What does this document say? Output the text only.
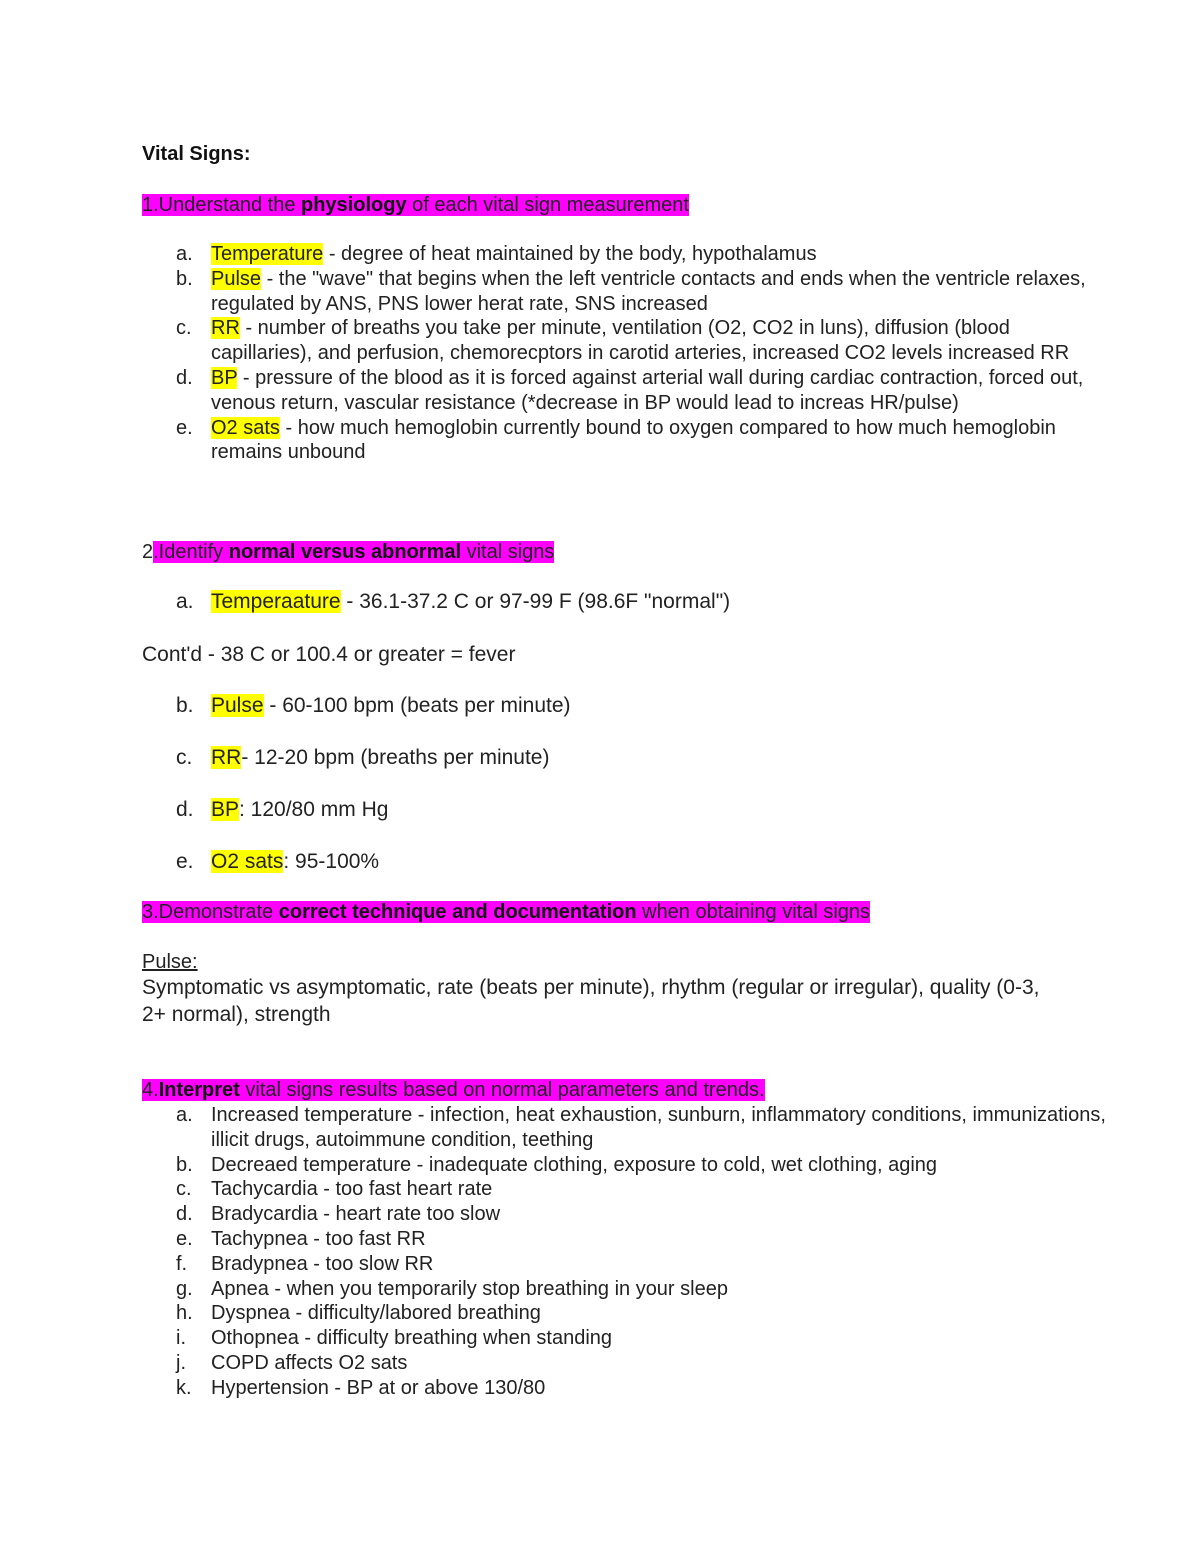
Vital Signs:
1.Understand the physiology of each vital sign measurement
a. Temperature - degree of heat maintained by the body, hypothalamus
b. Pulse - the "wave" that begins when the left ventricle contacts and ends when the ventricle relaxes, regulated by ANS, PNS lower herat rate, SNS increased
c. RR - number of breaths you take per minute, ventilation (O2, CO2 in luns), diffusion (blood capillaries), and perfusion, chemorecptors in carotid arteries, increased CO2 levels increased RR
d. BP - pressure of the blood as it is forced against arterial wall during cardiac contraction, forced out, venous return, vascular resistance (*decrease in BP would lead to increas HR/pulse)
e. O2 sats - how much hemoglobin currently bound to oxygen compared to how much hemoglobin remains unbound
2.Identify normal versus abnormal vital signs
a. Temperaature - 36.1-37.2 C or 97-99 F (98.6F "normal")
Cont'd - 38 C or 100.4 or greater = fever
b. Pulse - 60-100 bpm (beats per minute)
c. RR- 12-20 bpm (breaths per minute)
d. BP: 120/80 mm Hg
e. O2 sats: 95-100%
3.Demonstrate correct technique and documentation when obtaining vital signs
Pulse:
Symptomatic vs asymptomatic, rate (beats per minute), rhythm (regular or irregular), quality (0-3, 2+ normal), strength
4.Interpret vital signs results based on normal parameters and trends.
a. Increased temperature - infection, heat exhaustion, sunburn, inflammatory conditions, immunizations, illicit drugs, autoimmune condition, teething
b. Decreaed temperature - inadequate clothing, exposure to cold, wet clothing, aging
c. Tachycardia - too fast heart rate
d. Bradycardia - heart rate too slow
e. Tachypnea - too fast RR
f. Bradypnea - too slow RR
g. Apnea - when you temporarily stop breathing in your sleep
h. Dyspnea - difficulty/labored breathing
i. Othopnea - difficulty breathing when standing
j. COPD affects O2 sats
k. Hypertension - BP at or above 130/80
